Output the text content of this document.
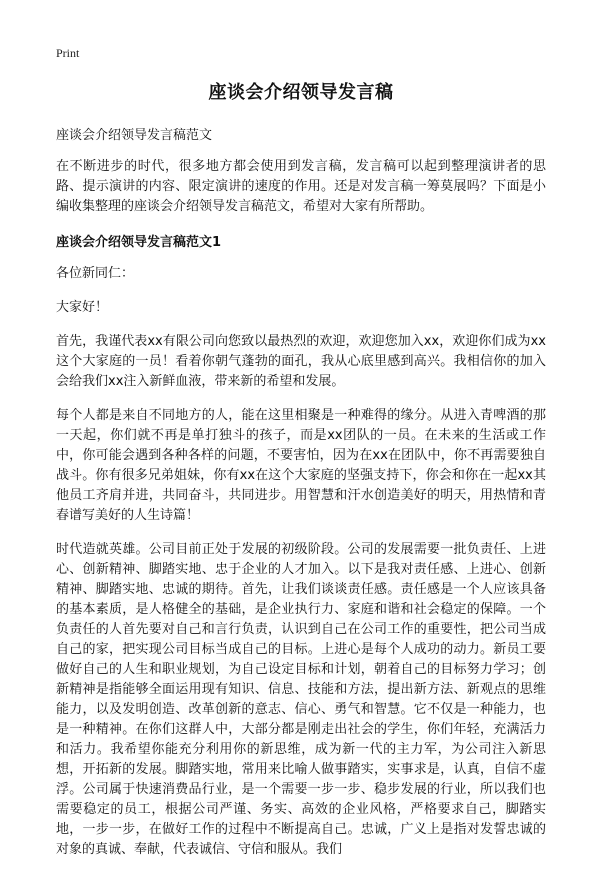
Print
座谈会介绍领导发言稿
座谈会介绍领导发言稿范文

在不断进步的时代，很多地方都会使用到发言稿，发言稿可以起到整理演讲者的思路、提示演讲的内容、限定演讲的速度的作用。还是对发言稿一筹莫展吗？下面是小编收集整理的座谈会介绍领导发言稿范文，希望对大家有所帮助。

座谈会介绍领导发言稿范文1

各位新同仁：

大家好！

首先，我谨代表xx有限公司向您致以最热烈的欢迎，欢迎您加入xx，欢迎你们成为xx这个大家庭的一员！看着你朝气蓬勃的面孔，我从心底里感到高兴。我相信你的加入会给我们xx注入新鲜血液，带来新的希望和发展。

每个人都是来自不同地方的人，能在这里相聚是一种难得的缘分。从进入青啤酒的那一天起，你们就不再是单打独斗的孩子，而是xx团队的一员。在未来的生活或工作中，你可能会遇到各种各样的问题，不要害怕，因为在xx在团队中，你不再需要独自战斗。你有很多兄弟姐妹，你有xx在这个大家庭的坚强支持下，你会和你在一起xx其他员工齐肩并进，共同奋斗，共同进步。用智慧和汗水创造美好的明天，用热情和青春谱写美好的人生诗篇！

时代造就英雄。公司目前正处于发展的初级阶段。公司的发展需要一批负责任、上进心、创新精神、脚踏实地、忠于企业的人才加入。以下是我对责任感、上进心、创新精神、脚踏实地、忠诚的期待。首先，让我们谈谈责任感。责任感是一个人应该具备的基本素质，是人格健全的基础，是企业执行力、家庭和谐和社会稳定的保障。一个负责任的人首先要对自己和言行负责，认识到自己在公司工作的重要性，把公司当成自己的家，把实现公司目标当成自己的目标。上进心是每个人成功的动力。新员工要做好自己的人生和职业规划，为自己设定目标和计划，朝着自己的目标努力学习；创新精神是指能够全面运用现有知识、信息、技能和方法，提出新方法、新观点的思维能力，以及发明创造、改革创新的意志、信心、勇气和智慧。它不仅是一种能力，也是一种精神。在你们这群人中，大部分都是刚走出社会的学生，你们年轻，充满活力和活力。我希望你能充分利用你的新思维，成为新一代的主力军，为公司注入新思想，开拓新的发展。脚踏实地，常用来比喻人做事踏实，实事求是，认真，自信不虚浮。公司属于快速消费品行业，是一个需要一步一步、稳步发展的行业，所以我们也需要稳定的员工，根据公司严谨、务实、高效的企业风格，严格要求自己，脚踏实地，一步一步，在做好工作的过程中不断提高自己。忠诚，广义上是指对发誓忠诚的对象的真诚、奉献，代表诚信、守信和服从。我们
